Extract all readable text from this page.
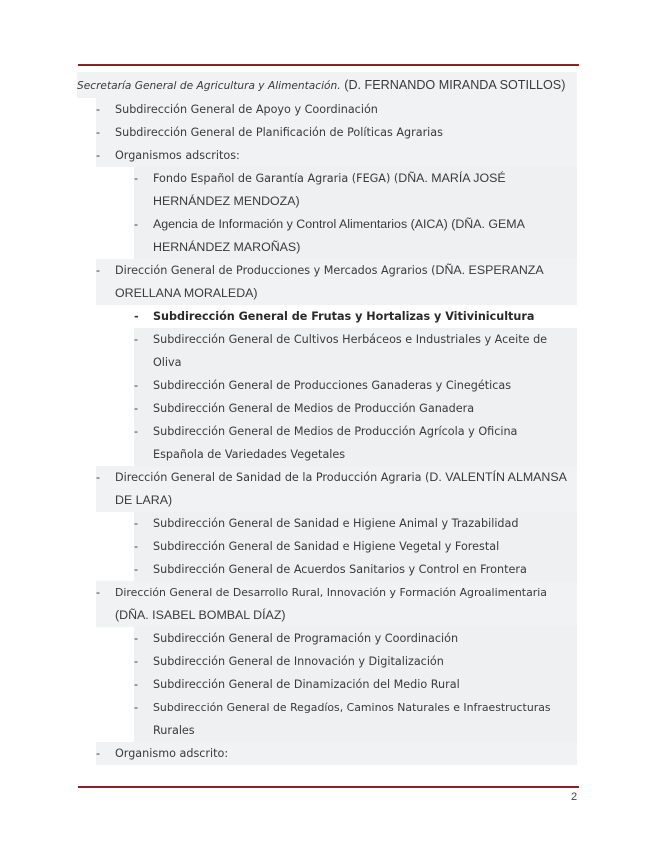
Secretaría General de Agricultura y Alimentación. (D. FERNANDO MIRANDA SOTILLOS)
-	Subdirección General de Apoyo y Coordinación
-	Subdirección General de Planificación de Políticas Agrarias
-	Organismos adscritos:
-	Fondo Español de Garantía Agraria (FEGA) (DÑA. MARÍA JOSÉ
HERNÁNDEZ MENDOZA)
-	Agencia de Información y Control Alimentarios (AICA) (DÑA. GEMA
HERNÁNDEZ MAROÑAS)
-	Dirección General de Producciones y Mercados Agrarios (DÑA. ESPERANZA
ORELLANA MORALEDA)
-	Subdirección General de Frutas y Hortalizas y Vitivinicultura
-	Subdirección General de Cultivos Herbáceos e Industriales y Aceite de
Oliva
-	Subdirección General de Producciones Ganaderas y Cinegéticas
-	Subdirección General de Medios de Producción Ganadera
-	Subdirección General de Medios de Producción Agrícola y Oficina
Española de Variedades Vegetales
-	Dirección General de Sanidad de la Producción Agraria (D. VALENTÍN ALMANSA
DE LARA)
-	Subdirección General de Sanidad e Higiene Animal y Trazabilidad
-	Subdirección General de Sanidad e Higiene Vegetal y Forestal
-	Subdirección General de Acuerdos Sanitarios y Control en Frontera
-	Dirección General de Desarrollo Rural, Innovación y Formación Agroalimentaria
(DÑA. ISABEL BOMBAL DÍAZ)
-	Subdirección General de Programación y Coordinación
-	Subdirección General de Innovación y Digitalización
-	Subdirección General de Dinamización del Medio Rural
-	Subdirección General de Regadíos, Caminos Naturales e Infraestructuras
Rurales
-	Organismo adscrito:
2
